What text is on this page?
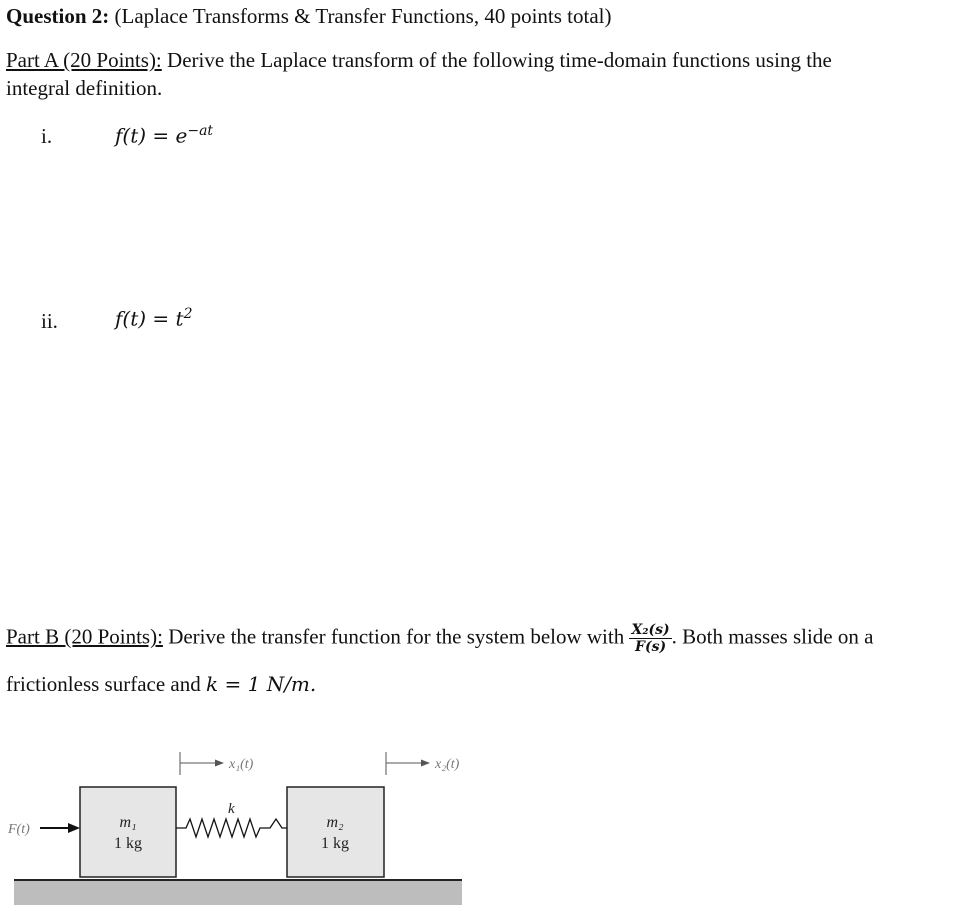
Question 2: (Laplace Transforms & Transfer Functions, 40 points total)
Part A (20 Points): Derive the Laplace transform of the following time-domain functions using the
integral definition.
i.	$f(t) = e^{-at}$
ii.	$f(t) = t^2$
Part B (20 Points): Derive the transfer function for the system below with $\frac{\text{X₂(s)}}{F(s)}$ . Both masses slide on a
frictionless surface and k = 1 N/m.
F(t)
x₁(t)	x₂(t)
k
m₁
1 kg
m₂
1 kg
